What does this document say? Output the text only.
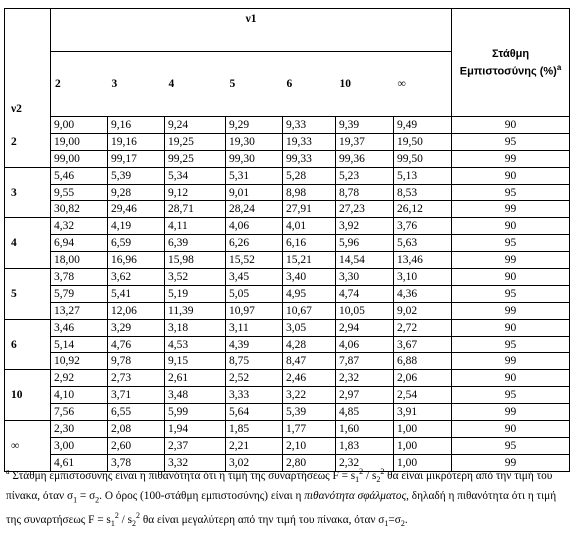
ν2	ν1							Στάθμη Εμπιστοσύνης (%)$^a$
	2	3	4	5	6	10	∞	
2	9,00	9,16	9,24	9,29	9,33	9,39	9,49	90
	19,00	19,16	19,25	19,30	19,33	19,37	19,50	95
	99,00	99,17	99,25	99,30	99,33	99,36	99,50	99
3	5,46	5,39	5,34	5,31	5,28	5,23	5,13	90
	9,55	9,28	9,12	9,01	8,98	8,78	8,53	95
	30,82	29,46	28,71	28,24	27,91	27,23	26,12	99
4	4,32	4,19	4,11	4,06	4,01	3,92	3,76	90
	6,94	6,59	6,39	6,26	6,16	5,96	5,63	95
	18,00	16,96	15,98	15,52	15,21	14,54	13,46	99
5	3,78	3,62	3,52	3,45	3,40	3,30	3,10	90
	5,79	5,41	5,19	5,05	4,95	4,74	4,36	95
	13,27	12,06	11,39	10,97	10,67	10,05	9,02	99
6	3,46	3,29	3,18	3,11	3,05	2,94	2,72	90
	5,14	4,76	4,53	4,39	4,28	4,06	3,67	95
	10,92	9,78	9,15	8,75	8,47	7,87	6,88	99
10	2,92	2,73	2,61	2,52	2,46	2,32	2,06	90
	4,10	3,71	3,48	3,33	3,22	2,97	2,54	95
	7,56	6,55	5,99	5,64	5,39	4,85	3,91	99
∞	2,30	2,08	1,94	1,85	1,77	1,60	1,00	90
	3,00	2,60	2,37	2,21	2,10	1,83	1,00	95
	4,61	3,78	3,32	3,02	2,80	2,32	1,00	99
$^a$ Στάθμη εμπιστοσύνης είναι η πιθανότητα ότι η τιμή της συναρτήσεως $F = s_1^2 / s_2^2$ θα είναι μικρότερη από την τιμή του πίνακα, όταν $\sigma_1 = \sigma_2$. Ο όρος (100-στάθμη εμπιστοσύνης) είναι η πιθανότητα σφάλματος, δηλαδή η πιθανότητα ότι η τιμή της συναρτήσεως $F = s_1^2 / s_2^2$ θα είναι μεγαλύτερη από την τιμή του πίνακα, όταν $\sigma_1=\sigma_2$.
